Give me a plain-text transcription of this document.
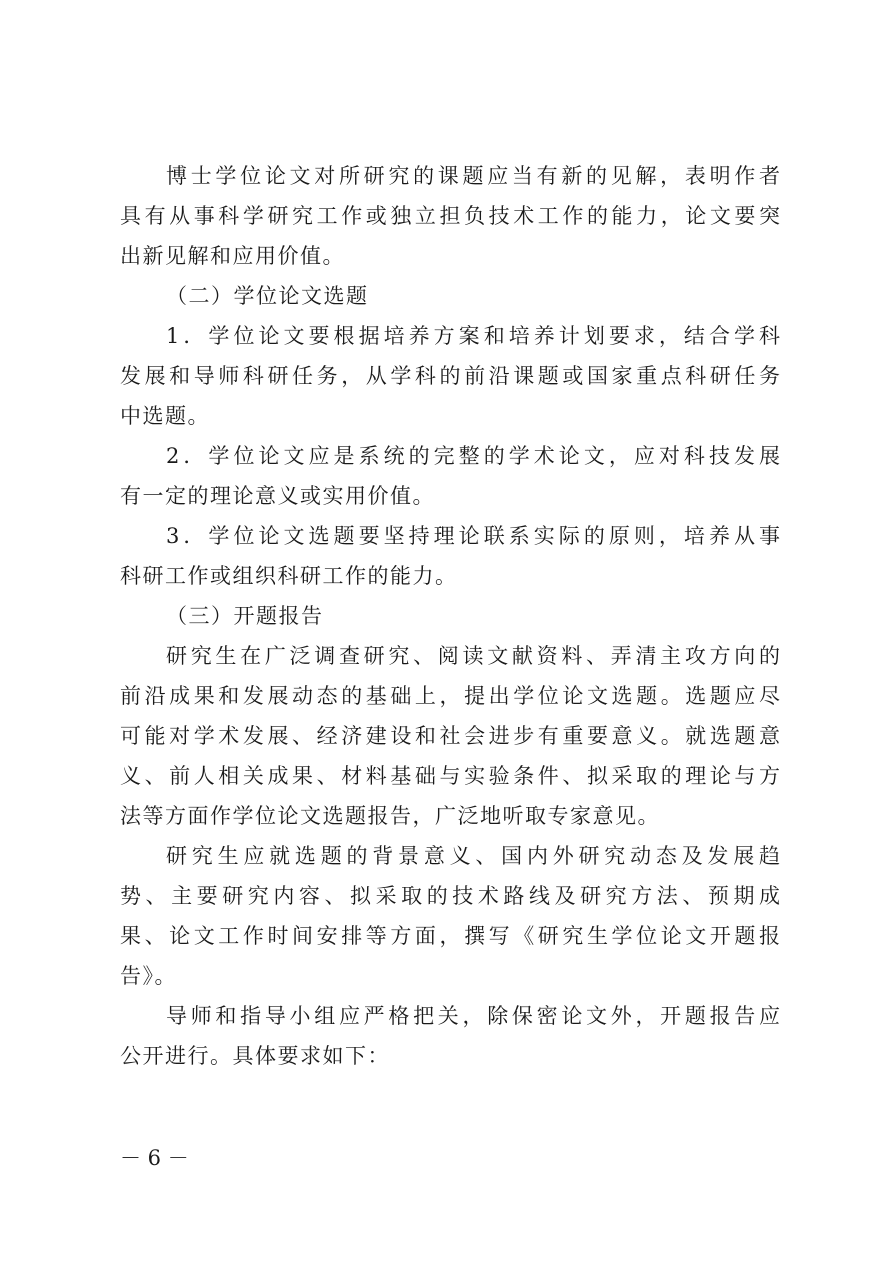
博士学位论文对所研究的课题应当有新的见解，表明作者
具有从事科学研究工作或独立担负技术工作的能力，论文要突
出新见解和应用价值。
（二）学位论文选题
1．学位论文要根据培养方案和培养计划要求，结合学科
发展和导师科研任务，从学科的前沿课题或国家重点科研任务
中选题。
2．学位论文应是系统的完整的学术论文，应对科技发展
有一定的理论意义或实用价值。
3．学位论文选题要坚持理论联系实际的原则，培养从事
科研工作或组织科研工作的能力。
（三）开题报告
研究生在广泛调查研究、阅读文献资料、弄清主攻方向的
前沿成果和发展动态的基础上，提出学位论文选题。选题应尽
可能对学术发展、经济建设和社会进步有重要意义。就选题意
义、前人相关成果、材料基础与实验条件、拟采取的理论与方
法等方面作学位论文选题报告，广泛地听取专家意见。
研究生应就选题的背景意义、国内外研究动态及发展趋
势、主要研究内容、拟采取的技术路线及研究方法、预期成
果、论文工作时间安排等方面，撰写《研究生学位论文开题报
告》。
导师和指导小组应严格把关，除保密论文外，开题报告应
公开进行。具体要求如下：
－ 6 －
